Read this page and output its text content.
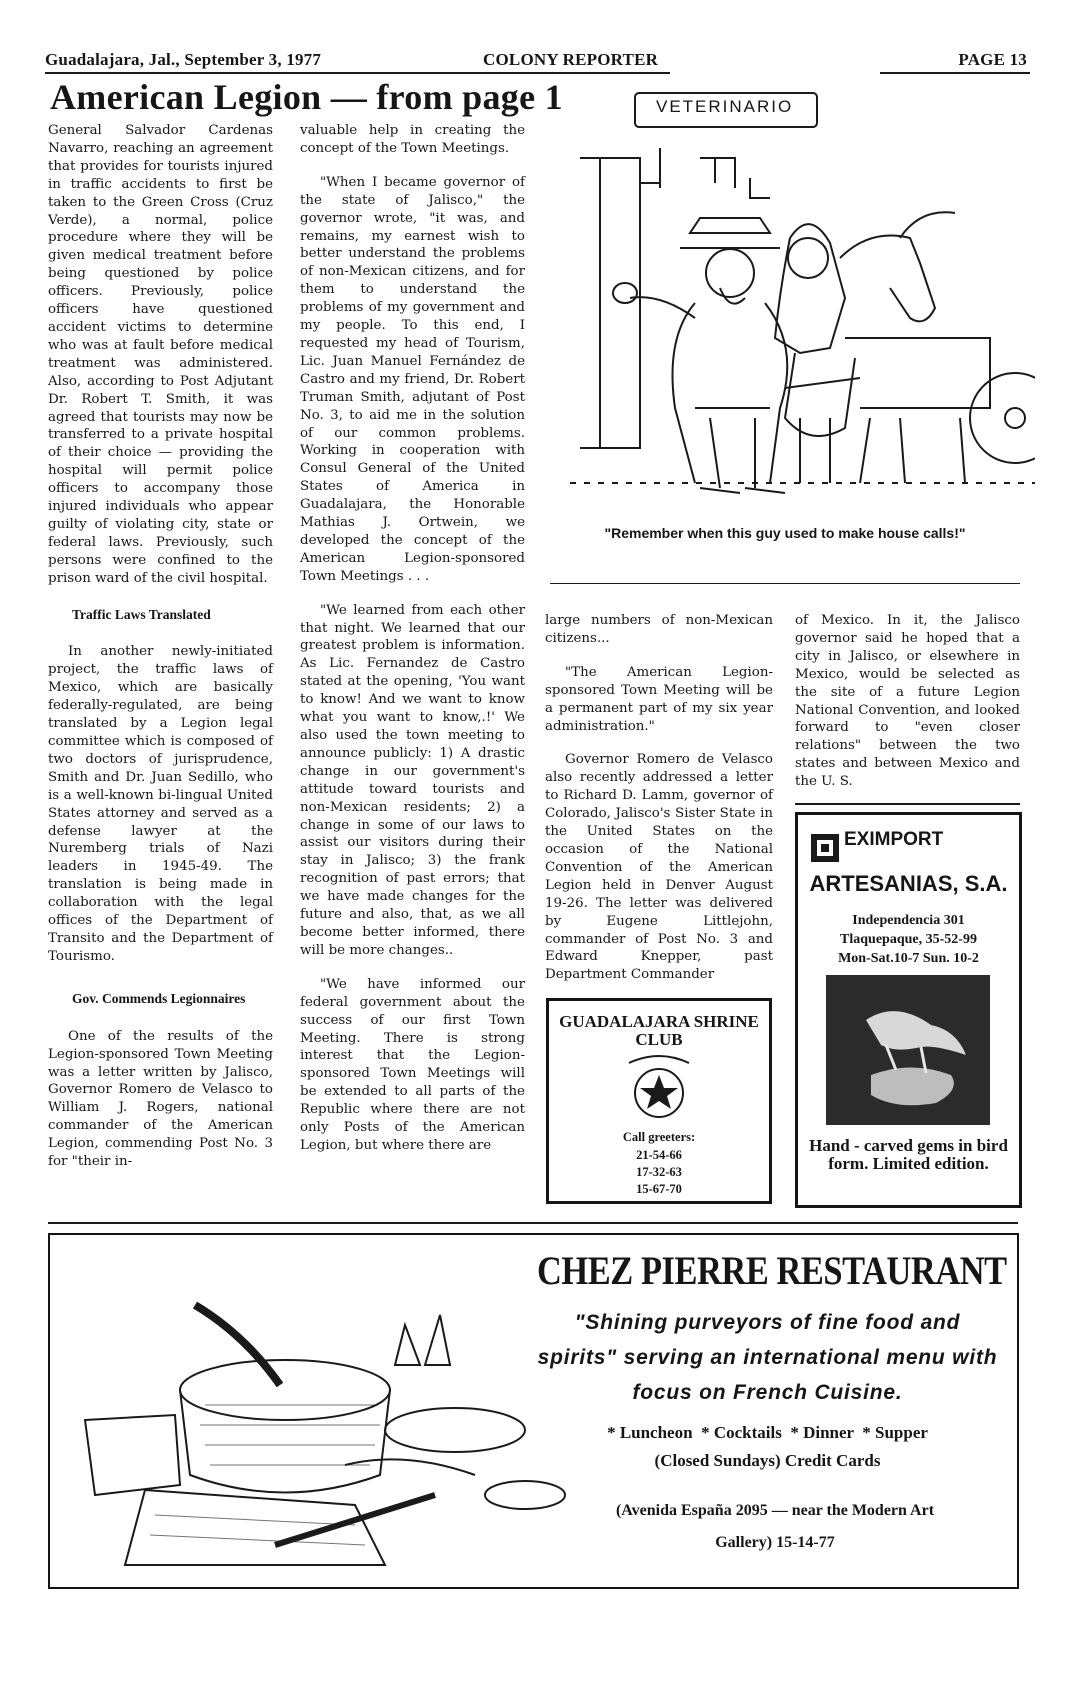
Guadalajara, Jal., September 3, 1977	COLONY REPORTER	PAGE 13
American Legion — from page 1

General Salvador Cardenas Navarro, reaching an agreement that provides for tourists injured in traffic accidents to first be taken to the Green Cross (Cruz Verde), a normal, police procedure where they will be given medical treatment before being questioned by police officers. Previously, police officers have questioned accident victims to determine who was at fault before medical treatment was administered. Also, according to Post Adjutant Dr. Robert T. Smith, it was agreed that tourists may now be transferred to a private hospital of their choice — providing the hospital will permit police officers to accompany those injured individuals who appear guilty of violating city, state or federal laws. Previously, such persons were confined to the prison ward of the civil hospital.

Traffic Laws Translated

In another newly-initiated project, the traffic laws of Mexico, which are basically federally-regulated, are being translated by a Legion legal committee which is composed of two doctors of jurisprudence, Smith and Dr. Juan Sedillo, who is a well-known bi-lingual United States attorney and served as a defense lawyer at the Nuremberg trials of Nazi leaders in 1945-49. The translation is being made in collaboration with the legal offices of the Department of Transito and the Department of Tourismo.

Gov. Commends Legionnaires

One of the results of the Legion-sponsored Town Meeting was a letter written by Jalisco, Governor Romero de Velasco to William J. Rogers, national commander of the American Legion, commending Post No. 3 for "their in-

valuable help in creating the concept of the Town Meetings.

"When I became governor of the state of Jalisco," the governor wrote, "it was, and remains, my earnest wish to better understand the problems of non-Mexican citizens, and for them to understand the problems of my government and my people. To this end, I requested my head of Tourism, Lic. Juan Manuel Fernández de Castro and my friend, Dr. Robert Truman Smith, adjutant of Post No. 3, to aid me in the solution of our common problems. Working in cooperation with Consul General of the United States of America in Guadalajara, the Honorable Mathias J. Ortwein, we developed the concept of the American Legion-sponsored Town Meetings . . .

"We learned from each other that night. We learned that our greatest problem is information. As Lic. Fernandez de Castro stated at the opening, 'You want to know! And we want to know what you want to know,.!' We also used the town meeting to announce publicly: 1) A drastic change in our government's attitude toward tourists and non-Mexican residents; 2) a change in some of our laws to assist our visitors during their stay in Jalisco; 3) the frank recognition of past errors; that we have made changes for the future and also, that, as we all become better informed, there will be more changes..

"We have informed our federal government about the success of our first Town Meeting. There is strong interest that the Legion-sponsored Town Meetings will be extended to all parts of the Republic where there are not only Posts of the American Legion, but where there are

VETERINARIO
"Remember when this guy used to make house calls!"

large numbers of non-Mexican citizens...

"The American Legion-sponsored Town Meeting will be a permanent part of my six year administration."

Governor Romero de Velasco also recently addressed a letter to Richard D. Lamm, governor of Colorado, Jalisco's Sister State in the United States on the occasion of the National Convention of the American Legion held in Denver August 19-26. The letter was delivered by Eugene Littlejohn, commander of Post No. 3 and Edward Knepper, past Department Commander

of Mexico. In it, the Jalisco governor said he hoped that a city in Jalisco, or elsewhere in Mexico, would be selected as the site of a future Legion National Convention, and looked forward to "even closer relations" between the two states and between Mexico and the U. S.

GUADALAJARA SHRINE CLUB
Call greeters:
21-54-66
17-32-63
15-67-70
EXIMPORT
ARTESANIAS, S.A.
Independencia 301
Tlaquepaque, 35-52-99
Mon-Sat.10-7 Sun. 10-2
Hand - carved gems in bird form. Limited edition.
CHEZ PIERRE RESTAURANT
"Shining purveyors of fine food and spirits" serving an international menu with focus on French Cuisine.
* Luncheon  * Cocktails  * Dinner  * Supper
(Closed Sundays) Credit Cards
(Avenida España 2095 — near the Modern Art Gallery) 15-14-77
